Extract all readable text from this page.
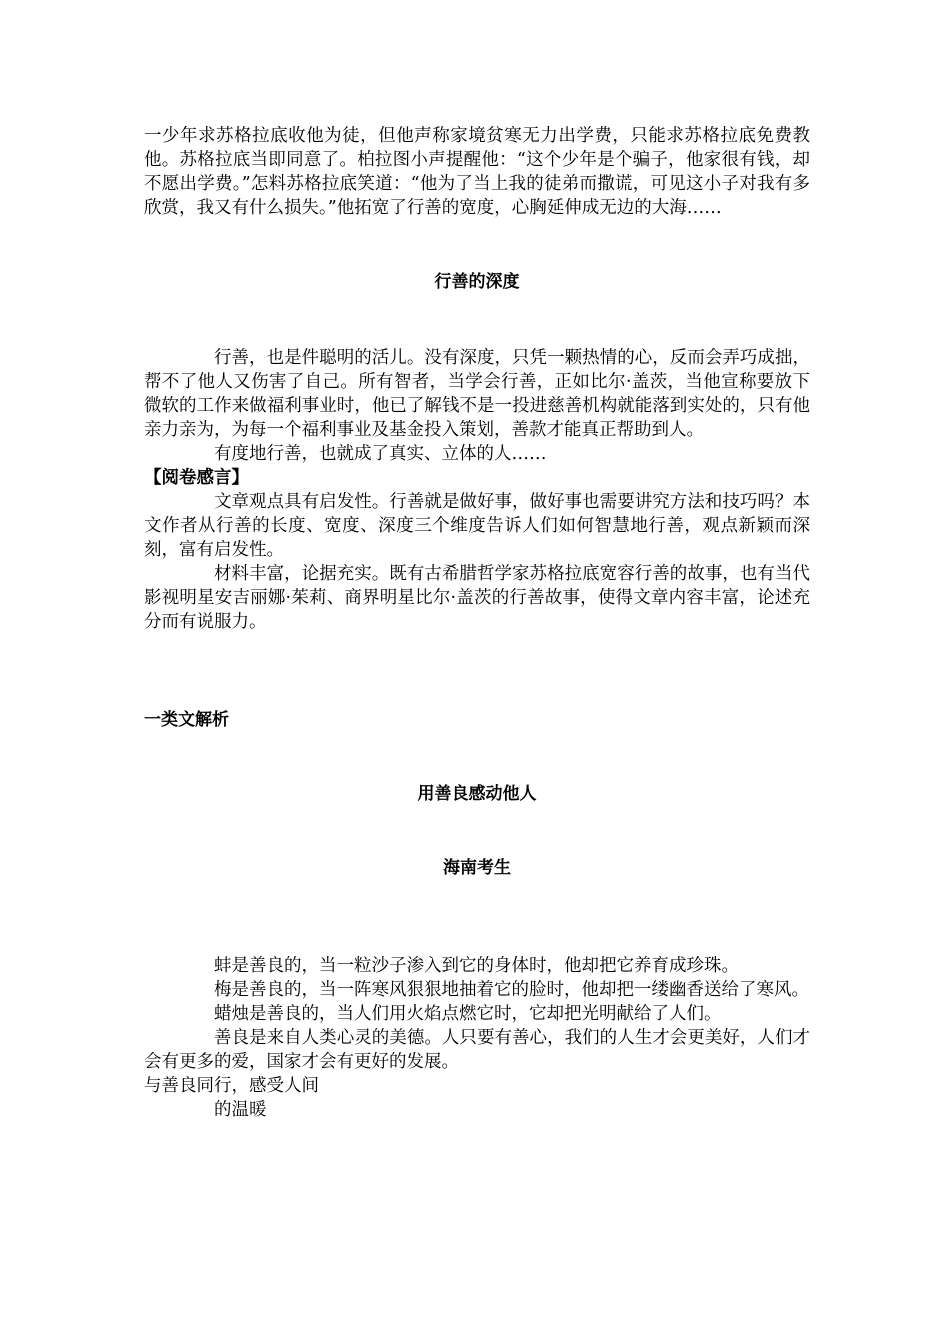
一少年求苏格拉底收他为徒，但他声称家境贫寒无力出学费，只能求苏格拉底免费教他。苏格拉底当即同意了。柏拉图小声提醒他：“这个少年是个骗子，他家很有钱，却不愿出学费。”怎料苏格拉底笑道：“他为了当上我的徒弟而撒谎，可见这小子对我有多欣赏，我又有什么损失。”他拓宽了行善的宽度，心胸延伸成无边的大海……

行善的深度

行善，也是件聪明的活儿。没有深度，只凭一颗热情的心，反而会弄巧成拙，帮不了他人又伤害了自己。所有智者，当学会行善，正如比尔·盖茨，当他宣称要放下微软的工作来做福利事业时，他已了解钱不是一投进慈善机构就能落到实处的，只有他亲力亲为，为每一个福利事业及基金投入策划，善款才能真正帮助到人。

有度地行善，也就成了真实、立体的人……

【阅卷感言】

文章观点具有启发性。行善就是做好事，做好事也需要讲究方法和技巧吗？本文作者从行善的长度、宽度、深度三个维度告诉人们如何智慧地行善，观点新颖而深刻，富有启发性。

材料丰富，论据充实。既有古希腊哲学家苏格拉底宽容行善的故事，也有当代影视明星安吉丽娜·茱莉、商界明星比尔·盖茨的行善故事，使得文章内容丰富，论述充分而有说服力。

一类文解析

用善良感动他人

海南考生

蚌是善良的，当一粒沙子渗入到它的身体时，他却把它养育成珍珠。

梅是善良的，当一阵寒风狠狠地抽着它的脸时，他却把一缕幽香送给了寒风。

蜡烛是善良的，当人们用火焰点燃它时，它却把光明献给了人们。

善良是来自人类心灵的美德。人只要有善心，我们的人生才会更美好，人们才会有更多的爱，国家才会有更好的发展。

与善良同行，感受人间

的温暖
